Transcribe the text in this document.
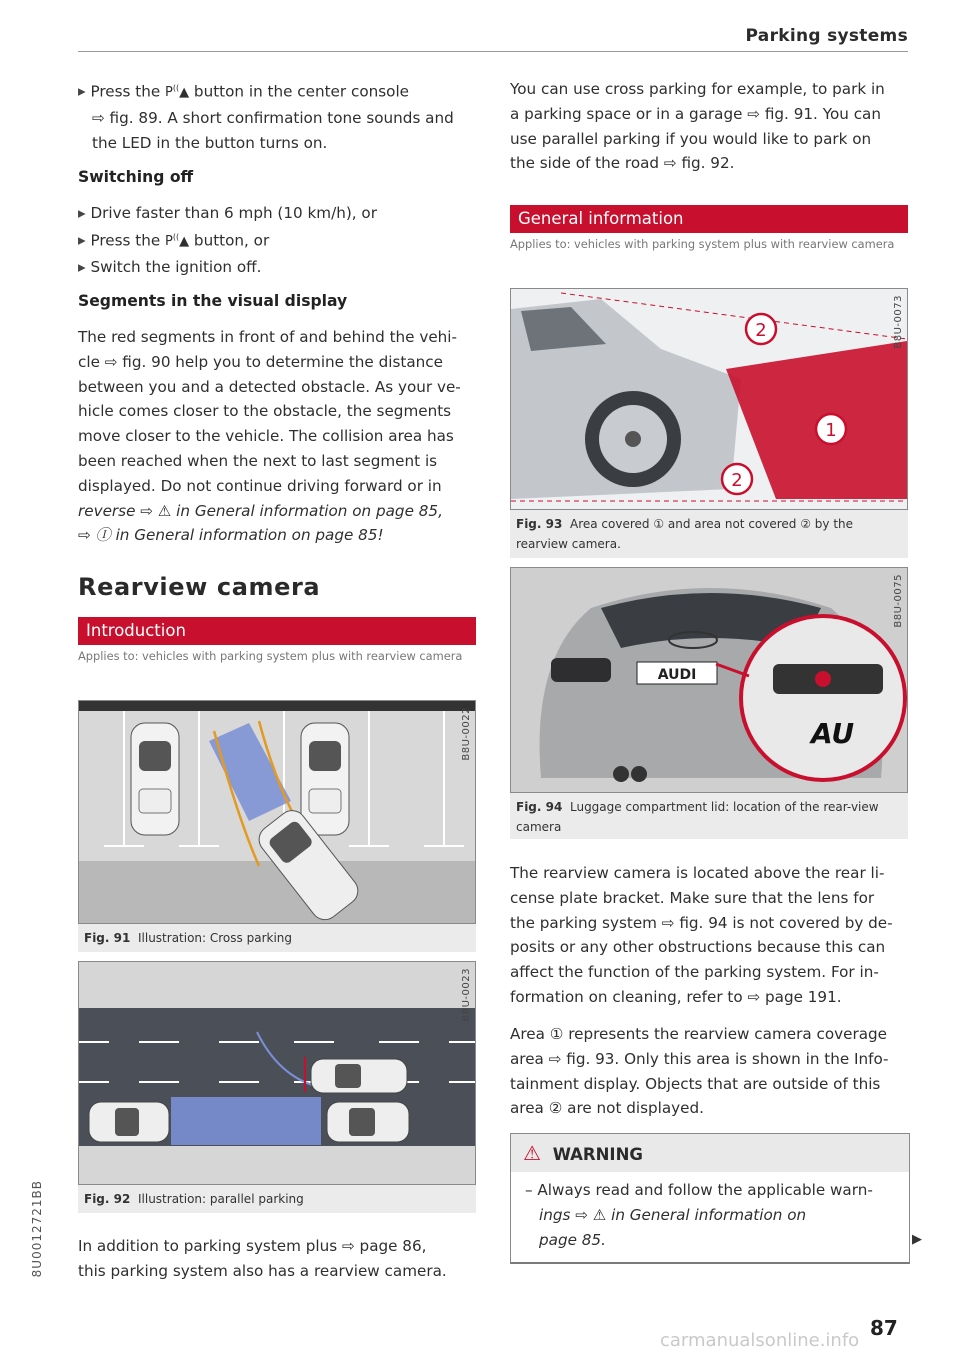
Parking systems

▸ Press the P((▲ button in the center console

⇨ fig. 89. A short confirmation tone sounds and

the LED in the button turns on.

Switching off

▸ Drive faster than 6 mph (10 km/h), or

▸ Press the P((▲ button, or

▸ Switch the ignition off.

Segments in the visual display

The red segments in front of and behind the vehi-

cle ⇨ fig. 90 help you to determine the distance

between you and a detected obstacle. As your ve-

hicle comes closer to the obstacle, the segments

move closer to the vehicle. The collision area has

been reached when the next to last segment is

displayed. Do not continue driving forward or in

reverse ⇨ ⚠ in General information on page 85,

⇨ Ⓘ in General information on page 85!

Rearview camera
Introduction
Applies to: vehicles with parking system plus with rearview camera
B8U-0022
Fig. 91 Illustration: Cross parking
B8U-0023
Fig. 92 Illustration: parallel parking

In addition to parking system plus ⇨ page 86,

this parking system also has a rearview camera.

You can use cross parking for example, to park in

a parking space or in a garage ⇨ fig. 91. You can

use parallel parking if you would like to park on

the side of the road ⇨ fig. 92.

General information
Applies to: vehicles with parking system plus with rearview camera
2
1
2
B8U-0073
Fig. 93 Area covered ① and area not covered ② by the rearview camera.
AUDI
AU
B8U-0075
Fig. 94 Luggage compartment lid: location of the rear-view camera

The rearview camera is located above the rear li-

cense plate bracket. Make sure that the lens for

the parking system ⇨ fig. 94 is not covered by de-

posits or any other obstructions because this can

affect the function of the parking system. For in-

formation on cleaning, refer to ⇨ page 191.

Area ① represents the rearview camera coverage

area ⇨ fig. 93. Only this area is shown in the Info-

tainment display. Objects that are outside of this

area ② are not displayed.

⚠ WARNING

– Always read and follow the applicable warn-

ings ⇨ ⚠ in General information on

page 85.	▶
87
8U0012721BB
carmanualsonline.info
